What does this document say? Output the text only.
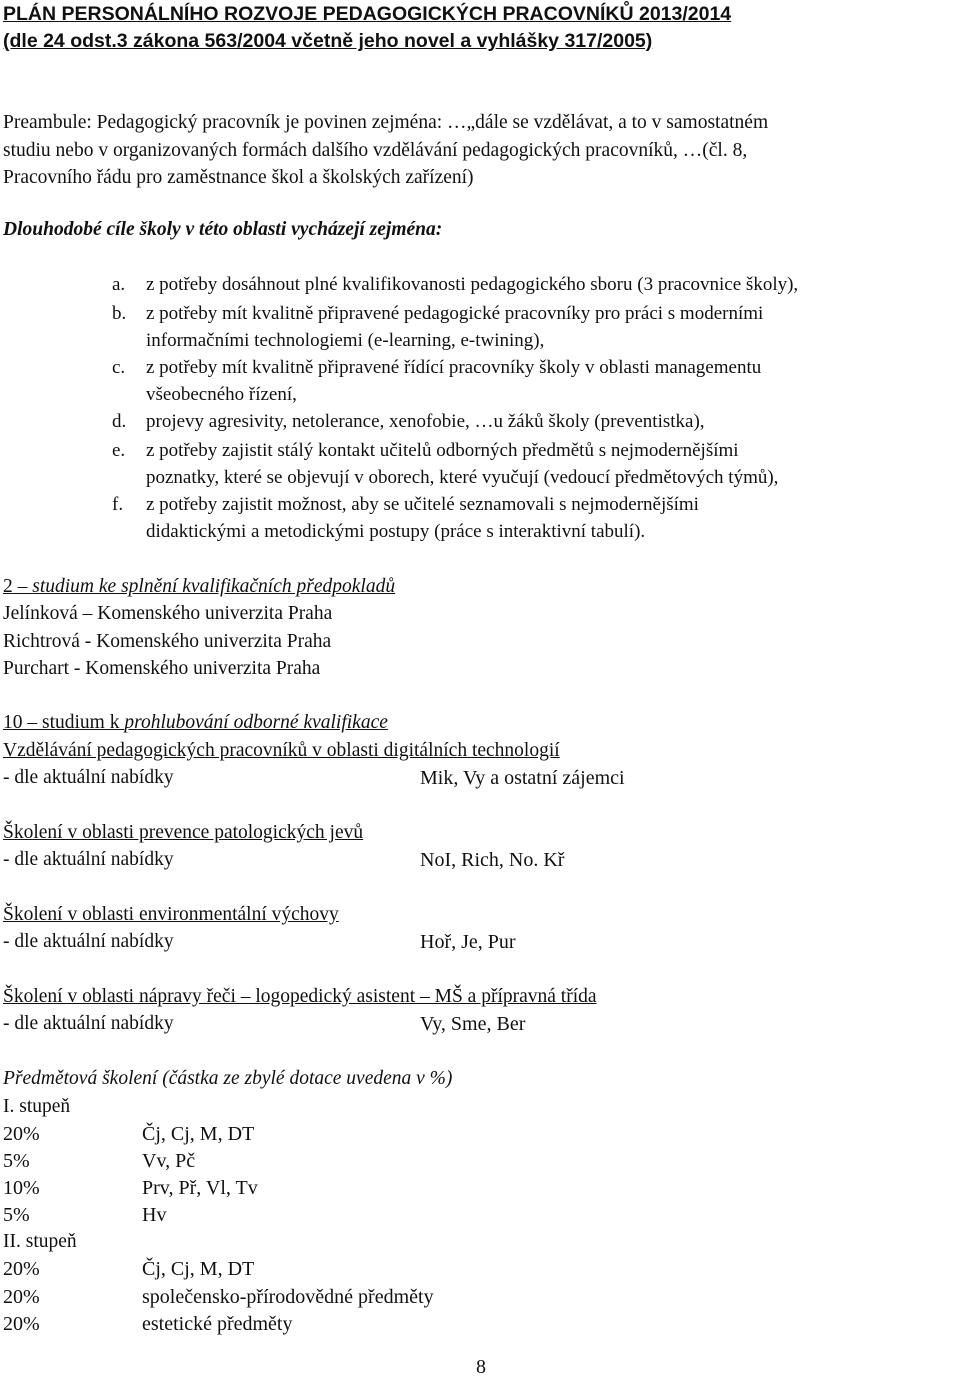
PLÁN PERSONÁLNÍHO ROZVOJE PEDAGOGICKÝCH PRACOVNÍKŮ 2013/2014
(dle 24 odst.3 zákona 563/2004 včetně jeho novel a vyhlášky 317/2005)
Preambule: Pedagogický pracovník je povinen zejména: …„dále se vzdělávat, a to v samostatném
studiu nebo v organizovaných formách dalšího vzdělávání pedagogických pracovníků, …(čl. 8,
Pracovního řádu pro zaměstnance škol a školských zařízení)
Dlouhodobé cíle školy v této oblasti vycházejí zejména:
a. z potřeby dosáhnout plné kvalifikovanosti pedagogického sboru (3 pracovnice školy),
b. z potřeby mít kvalitně připravené pedagogické pracovníky pro práci s moderními
informačními technologiemi (e-learning, e-twining),
c. z potřeby mít kvalitně připravené řídící pracovníky školy v oblasti managementu
všeobecného řízení,
d. projevy agresivity, netolerance, xenofobie, …u žáků školy (preventistka),
e. z potřeby zajistit stálý kontakt učitelů odborných předmětů s nejmodernějšími
poznatky, které se objevují v oborech, které vyučují (vedoucí předmětových týmů),
f. z potřeby zajistit možnost, aby se učitelé seznamovali s nejmodernějšími
didaktickými a metodickými postupy (práce s interaktivní tabulí).
2 – studium ke splnění kvalifikačních předpokladů
Jelínková – Komenského univerzita Praha
Richtrová - Komenského univerzita Praha
Purchart - Komenského univerzita Praha
10 – studium k prohlubování odborné kvalifikace
Vzdělávání pedagogických pracovníků v oblasti digitálních technologií
- dle aktuální nabídky	Mik, Vy a ostatní zájemci
Školení v oblasti prevence patologických jevů
- dle aktuální nabídky	NoI, Rich, No. Kř
Školení v oblasti environmentální výchovy
- dle aktuální nabídky	Hoř, Je, Pur
Školení v oblasti nápravy řeči – logopedický asistent – MŠ a přípravná třída
- dle aktuální nabídky	Vy, Sme, Ber
Předmětová školení (částka ze zbylé dotace uvedena v %)
I. stupeň
20%	Čj, Cj, M, DT
5%	Vv, Pč
10%	Prv, Př, Vl, Tv
5%	Hv
II. stupeň
20%	Čj, Cj, M, DT
20%	společensko-přírodovědné předměty
20%	estetické předměty
8
